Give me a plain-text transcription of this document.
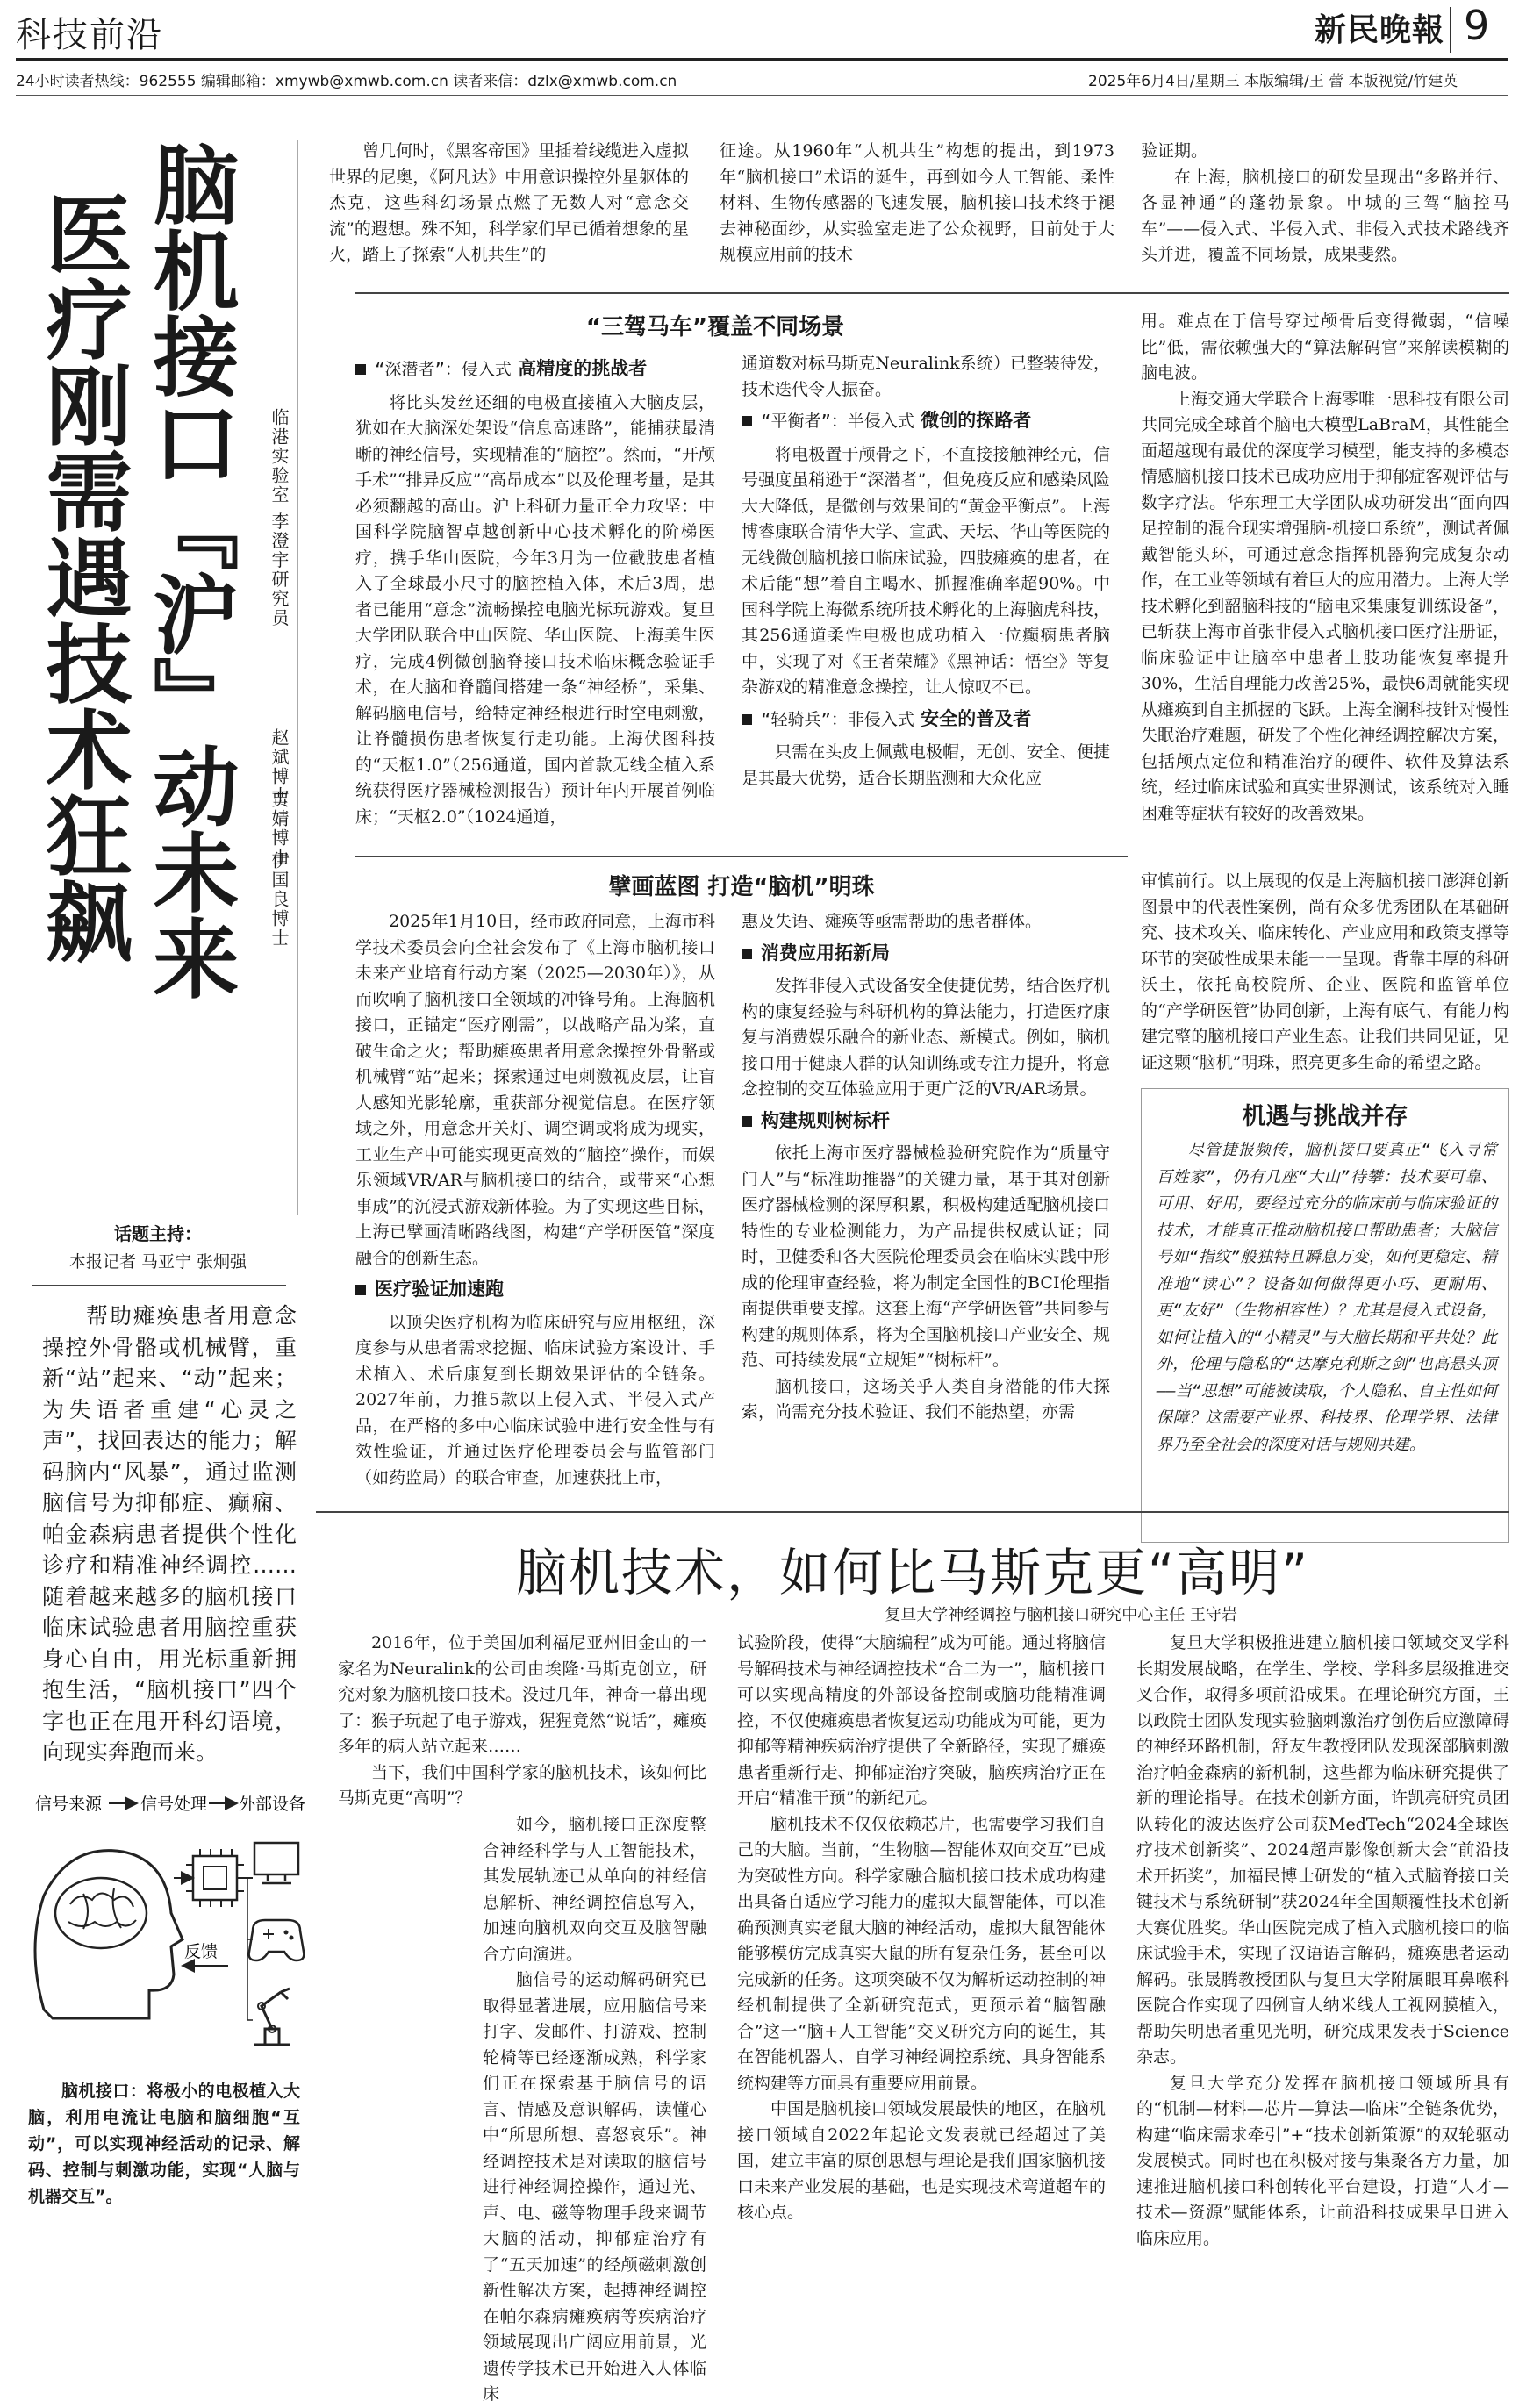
科技前沿	新民晚報 9
24小时读者热线：962555 编辑邮箱：xmywb@xmwb.com.cn 读者来信：dzlx@xmwb.com.cn	2025年6月4日/星期三 本版编辑/王 蕾 本版视觉/竹建英
脑机接口『沪』动未来
医疗刚需遇技术狂飙	临港实验室 李澄宇研究员
赵斌博士
贾婧博士
伊国良博士
话题主持：
本报记者 马亚宁 张炯强

帮助瘫痪患者用意念操控外骨骼或机械臂，重新“站”起来、“动”起来；为失语者重建“心灵之声”，找回表达的能力；解码脑内“风暴”，通过监测脑信号为抑郁症、癫痫、帕金森病患者提供个性化诊疗和精准神经调控……随着越来越多的脑机接口临床试验患者用脑控重获身心自由，用光标重新拥抱生活，“脑机接口”四个字也正在甩开科幻语境，向现实奔跑而来。

信号来源 信号处理 外部设备
反馈
脑机接口：将极小的电极植入大脑，利用电流让电脑和脑细胞“互动”，可以实现神经活动的记录、解码、控制与刺激功能，实现“人脑与机器交互”。

曾几何时，《黑客帝国》里插着线缆进入虚拟世界的尼奥，《阿凡达》中用意识操控外星躯体的杰克，这些科幻场景点燃了无数人对“意念交流”的遐想。殊不知，科学家们早已循着想象的星火，踏上了探索“人机共生”的

征途。从1960年“人机共生”构想的提出，到1973年“脑机接口”术语的诞生，再到如今人工智能、柔性材料、生物传感器的飞速发展，脑机接口技术终于褪去神秘面纱，从实验室走进了公众视野，目前处于大规模应用前的技术

验证期。

在上海，脑机接口的研发呈现出“多路并行、各显神通”的蓬勃景象。申城的三驾“脑控马车”——侵入式、半侵入式、非侵入式技术路线齐头并进，覆盖不同场景，成果斐然。

“三驾马车”覆盖不同场景
“深潜者”：侵入式 高精度的挑战者

将比头发丝还细的电极直接植入大脑皮层，犹如在大脑深处架设“信息高速路”，能捕获最清晰的神经信号，实现精准的“脑控”。然而，“开颅手术”“排异反应”“高昂成本”以及伦理考量，是其必须翻越的高山。沪上科研力量正全力攻坚：中国科学院脑智卓越创新中心技术孵化的阶梯医疗，携手华山医院，今年3月为一位截肢患者植入了全球最小尺寸的脑控植入体，术后3周，患者已能用“意念”流畅操控电脑光标玩游戏。复旦大学团队联合中山医院、华山医院、上海美生医疗，完成4例微创脑脊接口技术临床概念验证手术，在大脑和脊髓间搭建一条“神经桥”，采集、解码脑电信号，给特定神经根进行时空电刺激，让脊髓损伤患者恢复行走功能。上海伏图科技的“天枢1.0”（256通道，国内首款无线全植入系统获得医疗器械检测报告）预计年内开展首例临床；“天枢2.0”（1024通道，

通道数对标马斯克Neuralink系统）已整装待发，技术迭代令人振奋。

“平衡者”：半侵入式 微创的探路者

将电极置于颅骨之下，不直接接触神经元，信号强度虽稍逊于“深潜者”，但免疫反应和感染风险大大降低，是微创与效果间的“黄金平衡点”。上海博睿康联合清华大学、宣武、天坛、华山等医院的无线微创脑机接口临床试验，四肢瘫痪的患者，在术后能“想”着自主喝水、抓握准确率超90%。中国科学院上海微系统所技术孵化的上海脑虎科技，其256通道柔性电极也成功植入一位癫痫患者脑中，实现了对《王者荣耀》《黑神话：悟空》等复杂游戏的精准意念操控，让人惊叹不已。

“轻骑兵”：非侵入式 安全的普及者

只需在头皮上佩戴电极帽，无创、安全、便捷是其最大优势，适合长期监测和大众化应

用。难点在于信号穿过颅骨后变得微弱，“信噪比”低，需依赖强大的“算法解码官”来解读模糊的脑电波。

上海交通大学联合上海零唯一思科技有限公司共同完成全球首个脑电大模型LaBraM，其性能全面超越现有最优的深度学习模型，能支持的多模态情感脑机接口技术已成功应用于抑郁症客观评估与数字疗法。华东理工大学团队成功研发出“面向四足控制的混合现实增强脑-机接口系统”，测试者佩戴智能头环，可通过意念指挥机器狗完成复杂动作，在工业等领域有着巨大的应用潜力。上海大学技术孵化到韶脑科技的“脑电采集康复训练设备”，已斩获上海市首张非侵入式脑机接口医疗注册证，临床验证中让脑卒中患者上肢功能恢复率提升30%，生活自理能力改善25%，最快6周就能实现从瘫痪到自主抓握的飞跃。上海全澜科技针对慢性失眠治疗难题，研发了个性化神经调控解决方案，包括颅点定位和精准治疗的硬件、软件及算法系统，经过临床试验和真实世界测试，该系统对入睡困难等症状有较好的改善效果。

擘画蓝图 打造“脑机”明珠

2025年1月10日，经市政府同意，上海市科学技术委员会向全社会发布了《上海市脑机接口未来产业培育行动方案（2025—2030年）》，从而吹响了脑机接口全领域的冲锋号角。上海脑机接口，正锚定“医疗刚需”，以战略产品为桨，直破生命之火；帮助瘫痪患者用意念操控外骨骼或机械臂“站”起来；探索通过电刺激视皮层，让盲人感知光影轮廓，重获部分视觉信息。在医疗领域之外，用意念开关灯、调空调或将成为现实，工业生产中可能实现更高效的“脑控”操作，而娱乐领域VR/AR与脑机接口的结合，或带来“心想事成”的沉浸式游戏新体验。为了实现这些目标，上海已擘画清晰路线图，构建“产学研医管”深度融合的创新生态。

医疗验证加速跑

以顶尖医疗机构为临床研究与应用枢纽，深度参与从患者需求挖掘、临床试验方案设计、手术植入、术后康复到长期效果评估的全链条。2027年前，力推5款以上侵入式、半侵入式产品，在严格的多中心临床试验中进行安全性与有效性验证，并通过医疗伦理委员会与监管部门（如药监局）的联合审查，加速获批上市，

惠及失语、瘫痪等亟需帮助的患者群体。

消费应用拓新局

发挥非侵入式设备安全便捷优势，结合医疗机构的康复经验与科研机构的算法能力，打造医疗康复与消费娱乐融合的新业态、新模式。例如，脑机接口用于健康人群的认知训练或专注力提升，将意念控制的交互体验应用于更广泛的VR/AR场景。

构建规则树标杆

依托上海市医疗器械检验研究院作为“质量守门人”与“标准助推器”的关键力量，基于其对创新医疗器械检测的深厚积累，积极构建适配脑机接口特性的专业检测能力，为产品提供权威认证；同时，卫健委和各大医院伦理委员会在临床实践中形成的伦理审查经验，将为制定全国性的BCI伦理指南提供重要支撑。这套上海“产学研医管”共同参与构建的规则体系，将为全国脑机接口产业安全、规范、可持续发展“立规矩”“树标杆”。

脑机接口，这场关乎人类自身潜能的伟大探索，尚需充分技术验证、我们不能热望，亦需

审慎前行。以上展现的仅是上海脑机接口澎湃创新图景中的代表性案例，尚有众多优秀团队在基础研究、技术攻关、临床转化、产业应用和政策支撑等环节的突破性成果未能一一呈现。背靠丰厚的科研沃土，依托高校院所、企业、医院和监管单位的“产学研医管”协同创新，上海有底气、有能力构建完整的脑机接口产业生态。让我们共同见证，见证这颗“脑机”明珠，照亮更多生命的希望之路。

机遇与挑战并存

尽管捷报频传，脑机接口要真正“飞入寻常百姓家”，仍有几座“大山”待攀：技术要可靠、可用、好用，要经过充分的临床前与临床验证的技术，才能真正推动脑机接口帮助患者；大脑信号如“指纹”般独特且瞬息万变，如何更稳定、精准地“读心”？设备如何做得更小巧、更耐用、更“友好”（生物相容性）？尤其是侵入式设备，如何让植入的“小精灵”与大脑长期和平共处？此外，伦理与隐私的“达摩克利斯之剑”也高悬头顶——当“思想”可能被读取，个人隐私、自主性如何保障？这需要产业界、科技界、伦理学界、法律界乃至全社会的深度对话与规则共建。

脑机技术，如何比马斯克更“高明”
复旦大学神经调控与脑机接口研究中心主任 王守岩

2016年，位于美国加利福尼亚州旧金山的一家名为Neuralink的公司由埃隆·马斯克创立，研究对象为脑机接口技术。没过几年，神奇一幕出现了：猴子玩起了电子游戏，猩猩竟然“说话”，瘫痪多年的病人站立起来……

当下，我们中国科学家的脑机技术，该如何比马斯克更“高明”？

如今，脑机接口正深度整合神经科学与人工智能技术，其发展轨迹已从单向的神经信息解析、神经调控信息写入，加速向脑机双向交互及脑智融合方向演进。

脑信号的运动解码研究已取得显著进展，应用脑信号来打字、发邮件、打游戏、控制轮椅等已经逐渐成熟，科学家们正在探索基于脑信号的语言、情感及意识解码，读懂心中“所思所想、喜怒哀乐”。神经调控技术是对读取的脑信号进行神经调控操作，通过光、声、电、磁等物理手段来调节大脑的活动，抑郁症治疗有了“五天加速”的经颅磁刺激创新性解决方案，起搏神经调控在帕尔森病瘫痪病等疾病治疗领域展现出广阔应用前景，光遗传学技术已开始进入人体临床

试验阶段，使得“大脑编程”成为可能。通过将脑信号解码技术与神经调控技术“合二为一”，脑机接口可以实现高精度的外部设备控制或脑功能精准调控，不仅使瘫痪患者恢复运动功能成为可能，更为抑郁等精神疾病治疗提供了全新路径，实现了瘫痪患者重新行走、抑郁症治疗突破，脑疾病治疗正在开启“精准干预”的新纪元。

脑机技术不仅仅依赖芯片，也需要学习我们自己的大脑。当前，“生物脑—智能体双向交互”已成为突破性方向。科学家融合脑机接口技术成功构建出具备自适应学习能力的虚拟大鼠智能体，可以准确预测真实老鼠大脑的神经活动，虚拟大鼠智能体能够模仿完成真实大鼠的所有复杂任务，甚至可以完成新的任务。这项突破不仅为解析运动控制的神经机制提供了全新研究范式，更预示着“脑智融合”这一“脑+人工智能”交叉研究方向的诞生，其在智能机器人、自学习神经调控系统、具身智能系统构建等方面具有重要应用前景。

中国是脑机接口领域发展最快的地区，在脑机接口领域自2022年起论文发表就已经超过了美国，建立丰富的原创思想与理论是我们国家脑机接口未来产业发展的基础，也是实现技术弯道超车的核心点。

复旦大学积极推进建立脑机接口领域交叉学科长期发展战略，在学生、学校、学科多层级推进交叉合作，取得多项前沿成果。在理论研究方面，王以政院士团队发现实验脑刺激治疗创伤后应激障碍的神经环路机制，舒友生教授团队发现深部脑刺激治疗帕金森病的新机制，这些都为临床研究提供了新的理论指导。在技术创新方面，许凯亮研究员团队转化的波达医疗公司获MedTech“2024全球医疗技术创新奖”、2024超声影像创新大会“前沿技术开拓奖”，加福民博士研发的“植入式脑脊接口关键技术与系统研制”获2024年全国颠覆性技术创新大赛优胜奖。华山医院完成了植入式脑机接口的临床试验手术，实现了汉语语言解码，瘫痪患者运动解码。张晟腾教授团队与复旦大学附属眼耳鼻喉科医院合作实现了四例盲人纳米线人工视网膜植入，帮助失明患者重见光明，研究成果发表于Science杂志。

复旦大学充分发挥在脑机接口领域所具有的“机制—材料—芯片—算法—临床”全链条优势，构建“临床需求牵引”+“技术创新策源”的双轮驱动发展模式。同时也在积极对接与集聚各方力量，加速推进脑机接口科创转化平台建设，打造“人才—技术—资源”赋能体系，让前沿科技成果早日进入临床应用。
